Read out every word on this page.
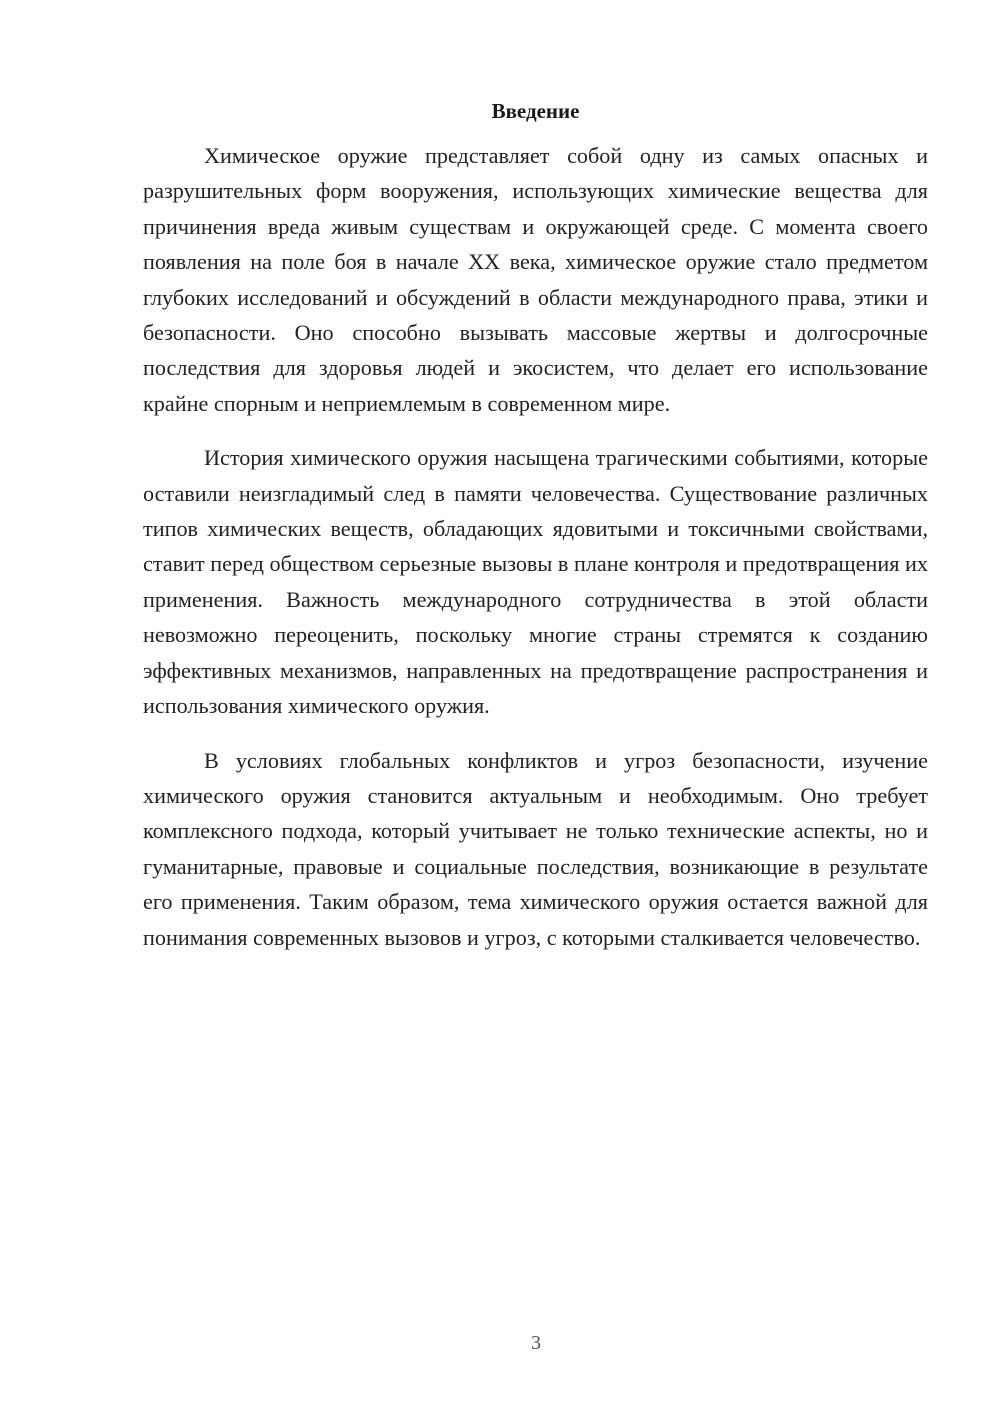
Введение

Химическое оружие представляет собой одну из самых опасных и разрушительных форм вооружения, использующих химические вещества для причинения вреда живым существам и окружающей среде. С момента своего появления на поле боя в начале XX века, химическое оружие стало предметом глубоких исследований и обсуждений в области международного права, этики и безопасности. Оно способно вызывать массовые жертвы и долгосрочные последствия для здоровья людей и экосистем, что делает его использование крайне спорным и неприемлемым в современном мире.

История химического оружия насыщена трагическими событиями, которые оставили неизгладимый след в памяти человечества. Существование различных типов химических веществ, обладающих ядовитыми и токсичными свойствами, ставит перед обществом серьезные вызовы в плане контроля и предотвращения их применения. Важность международного сотрудничества в этой области невозможно переоценить, поскольку многие страны стремятся к созданию эффективных механизмов, направленных на предотвращение распространения и использования химического оружия.

В условиях глобальных конфликтов и угроз безопасности, изучение химического оружия становится актуальным и необходимым. Оно требует комплексного подхода, который учитывает не только технические аспекты, но и гуманитарные, правовые и социальные последствия, возникающие в результате его применения. Таким образом, тема химического оружия остается важной для понимания современных вызовов и угроз, с которыми сталкивается человечество.

3
